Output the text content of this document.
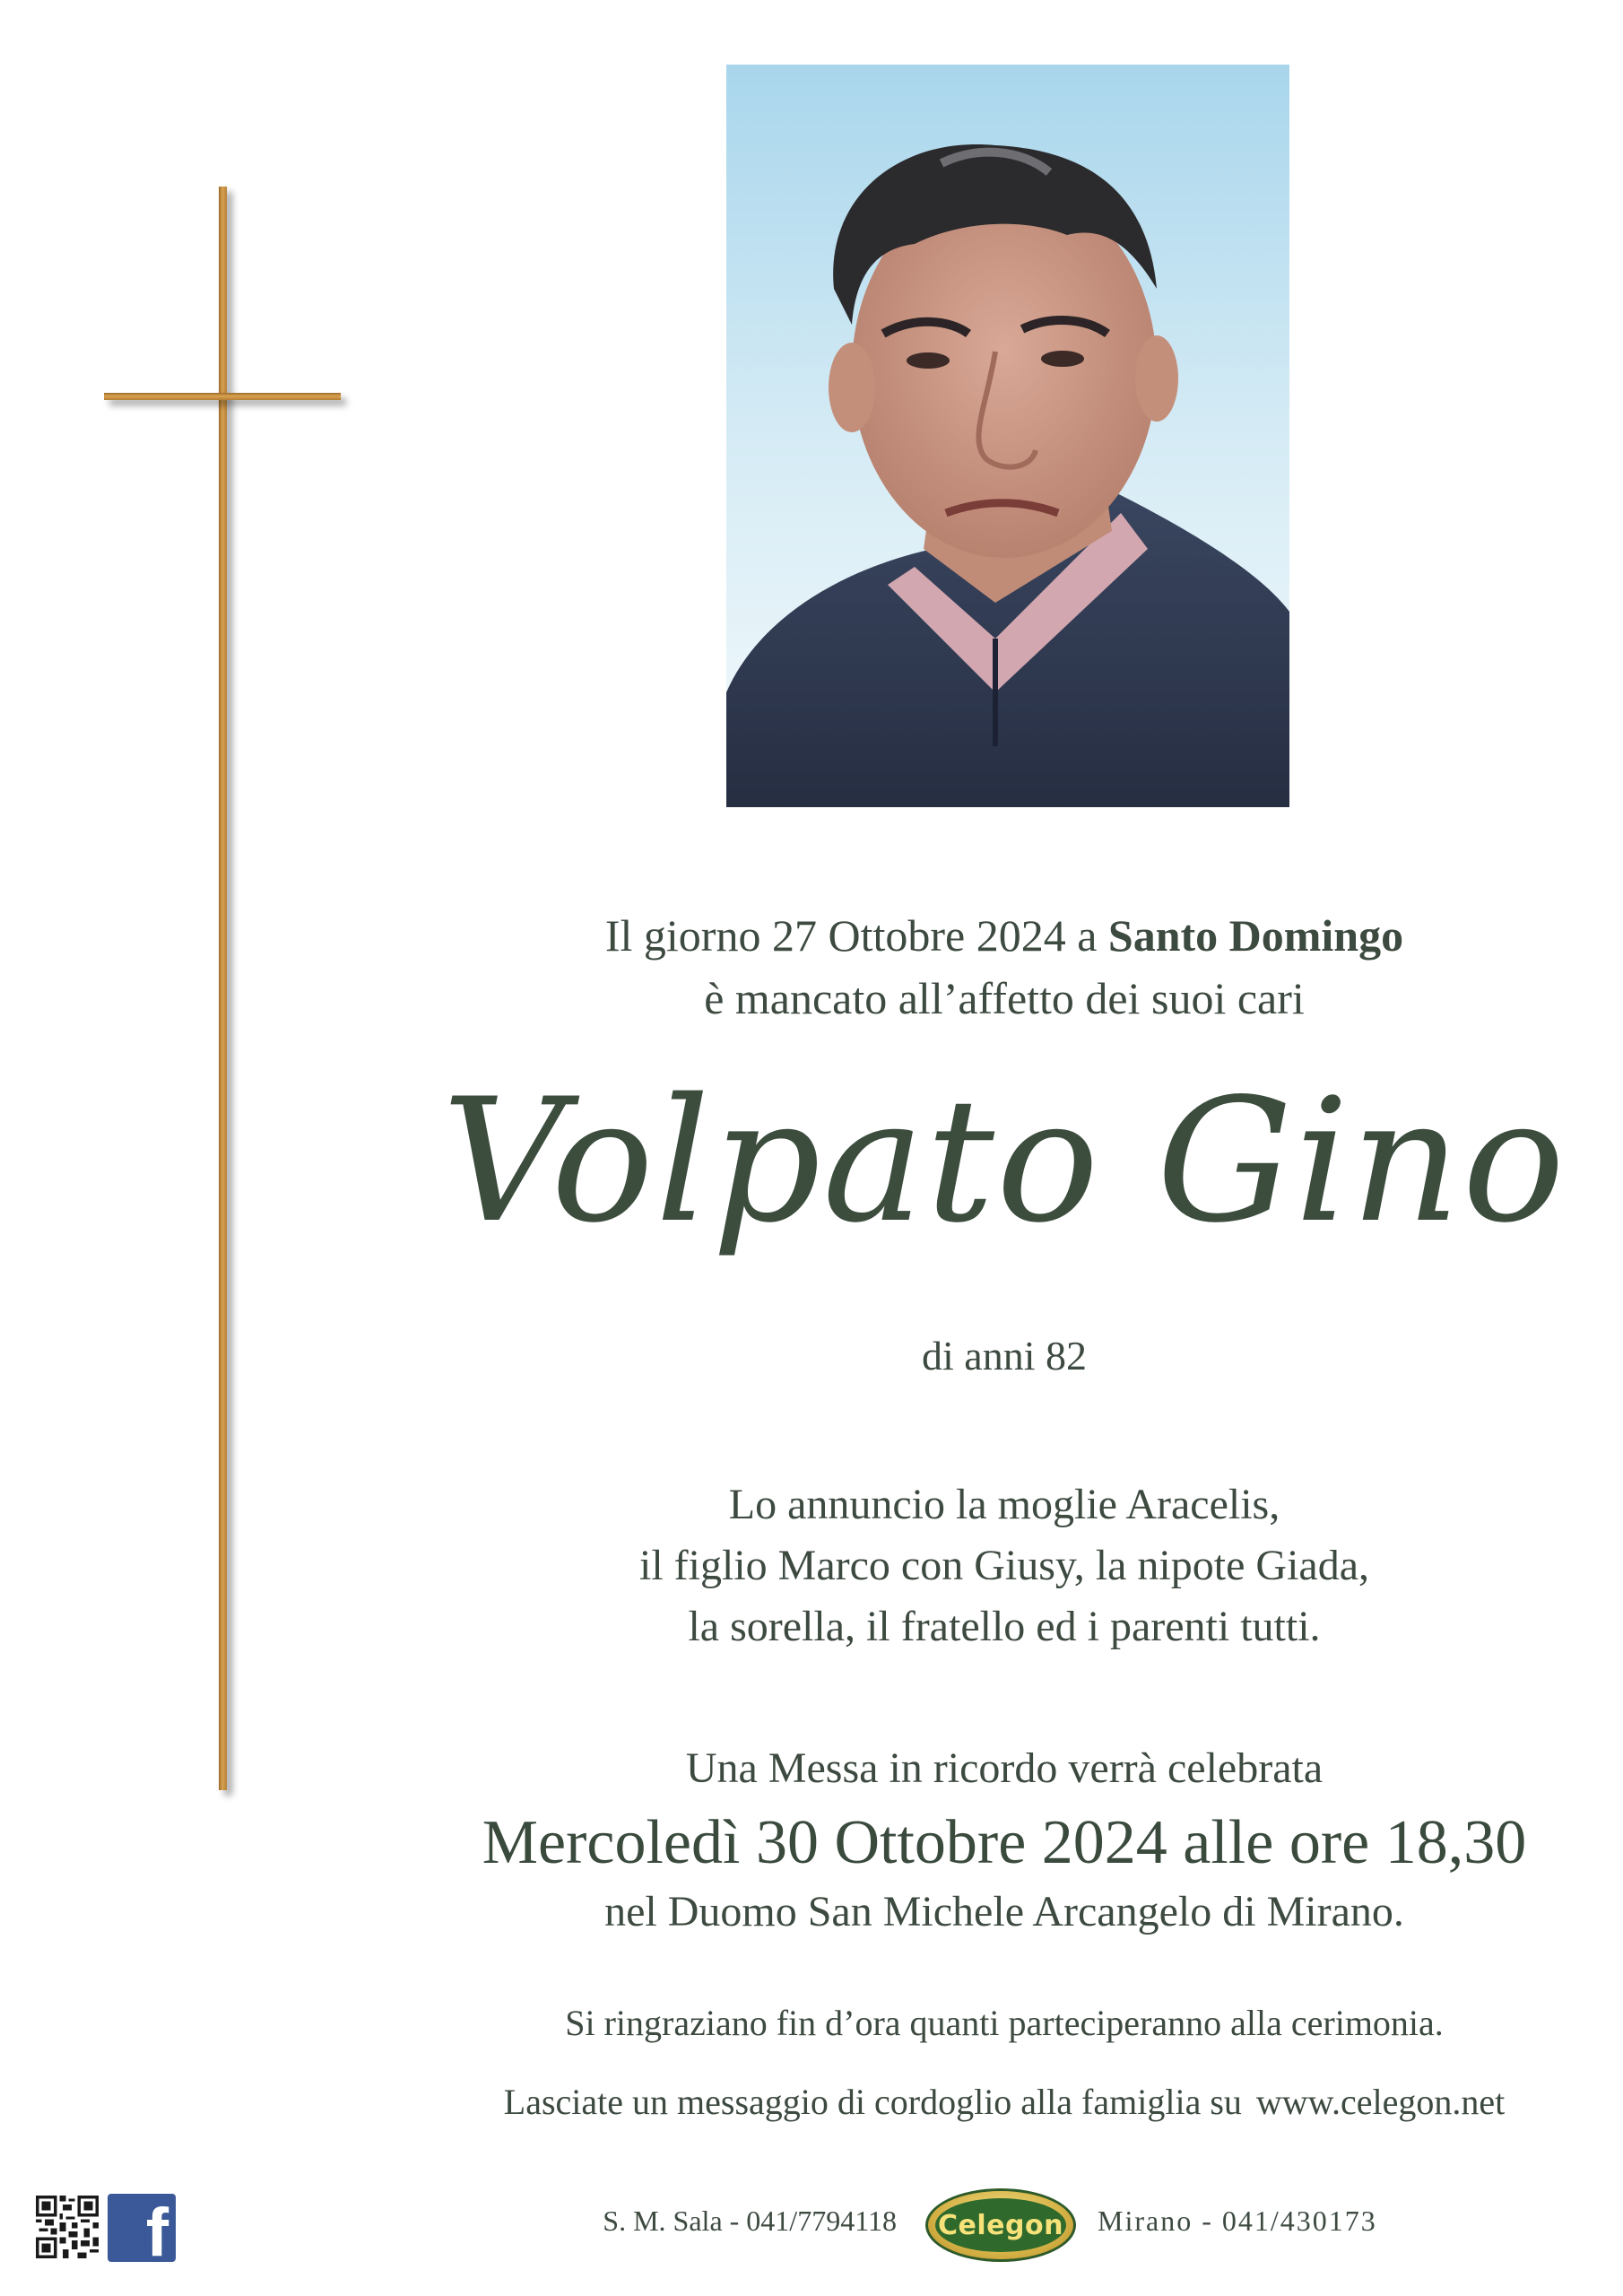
Il giorno 27 Ottobre 2024 a Santo Domingo
è mancato all’affetto dei suoi cari
Volpato Gino
di anni 82
Lo annuncio la moglie Aracelis,
il figlio Marco con Giusy, la nipote Giada,
la sorella, il fratello ed i parenti tutti.
Una Messa in ricordo verrà celebrata
Mercoledì 30 Ottobre 2024 alle ore 18,30
nel Duomo San Michele Arcangelo di Mirano.
Si ringraziano fin d’ora quanti parteciperanno alla cerimonia.
Lasciate un messaggio di cordoglio alla famiglia su www.celegon.net
f	S. M. Sala - 041/7794118 Celegon Mirano - 041/430173
